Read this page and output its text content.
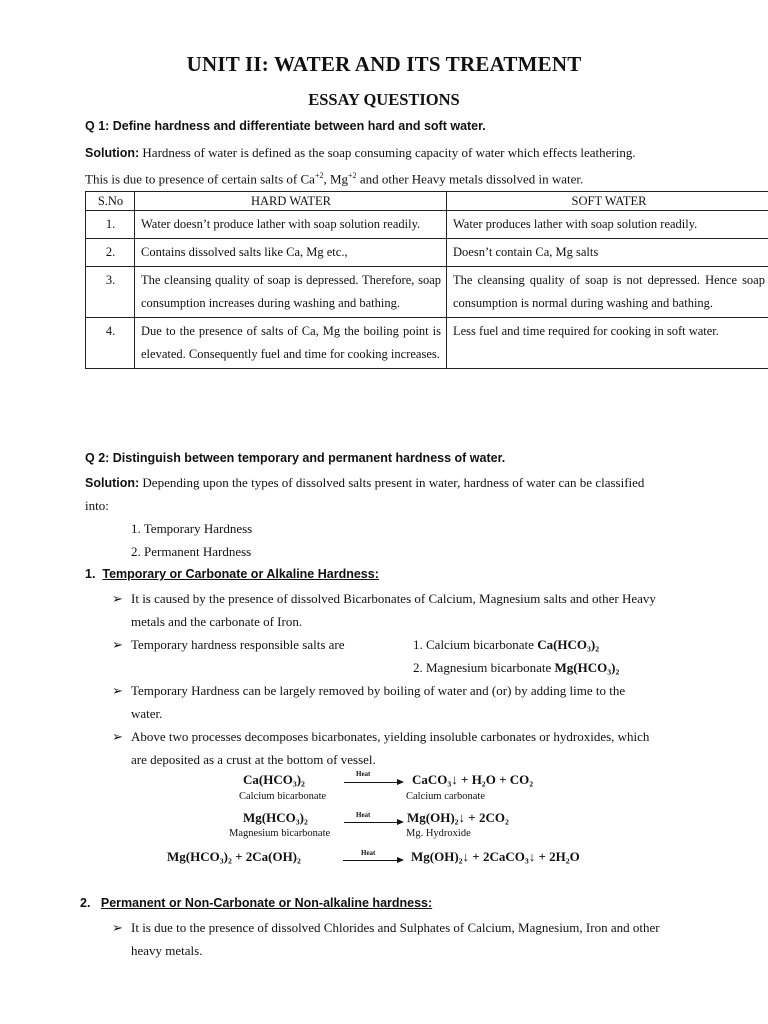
UNIT II: WATER AND ITS TREATMENT
ESSAY QUESTIONS
Q 1: Define hardness and differentiate between hard and soft water.
Solution: Hardness of water is defined as the soap consuming capacity of water which effects leathering.
This is due to presence of certain salts of $Ca^{+2}$, $Mg^{+2}$ and other Heavy metals dissolved in water.
S.No	HARD WATER	SOFT WATER
1.	Water doesn’t produce lather with soap solution readily.	Water produces lather with soap solution readily.
2.	Contains dissolved salts like Ca, Mg etc.,	Doesn’t contain Ca, Mg salts
3.	The cleansing quality of soap is depressed. Therefore, soap consumption increases during washing and bathing.	The cleansing quality of soap is not depressed. Hence soap consumption is normal during washing and bathing.
4.	Due to the presence of salts of Ca, Mg the boiling point is elevated. Consequently fuel and time for cooking increases.	Less fuel and time required for cooking in soft water.
Q 2: Distinguish between temporary and permanent hardness of water.
Solution: Depending upon the types of dissolved salts present in water, hardness of water can be classified
into:
1. Temporary Hardness
2. Permanent Hardness
1. Temporary or Carbonate or Alkaline Hardness:
➢ It is caused by the presence of dissolved Bicarbonates of Calcium, Magnesium salts and other Heavy
metals and the carbonate of Iron.
➢ Temporary hardness responsible salts are	1. Calcium bicarbonate Ca(HCO₃)₂
2. Magnesium bicarbonate Mg(HCO₃)₂
➢ Temporary Hardness can be largely removed by boiling of water and (or) by adding lime to the
water.
➢ Above two processes decomposes bicarbonates, yielding insoluble carbonates or hydroxides, which
are deposited as a crust at the bottom of vessel.
Ca(HCO₃)₂	Heat	CaCO₃↓ + H₂O + CO₂
Calcium bicarbonate	Calcium carbonate
Mg(HCO₃)₂	Heat	Mg(OH)₂↓ + 2CO₂
Magnesium bicarbonate	Mg. Hydroxide
Mg(HCO₃)₂ + 2Ca(OH)₂	Heat	Mg(OH)₂↓ + 2CaCO₃↓ + 2H₂O
2. Permanent or Non-Carbonate or Non-alkaline hardness:
➢ It is due to the presence of dissolved Chlorides and Sulphates of Calcium, Magnesium, Iron and other
heavy metals.
